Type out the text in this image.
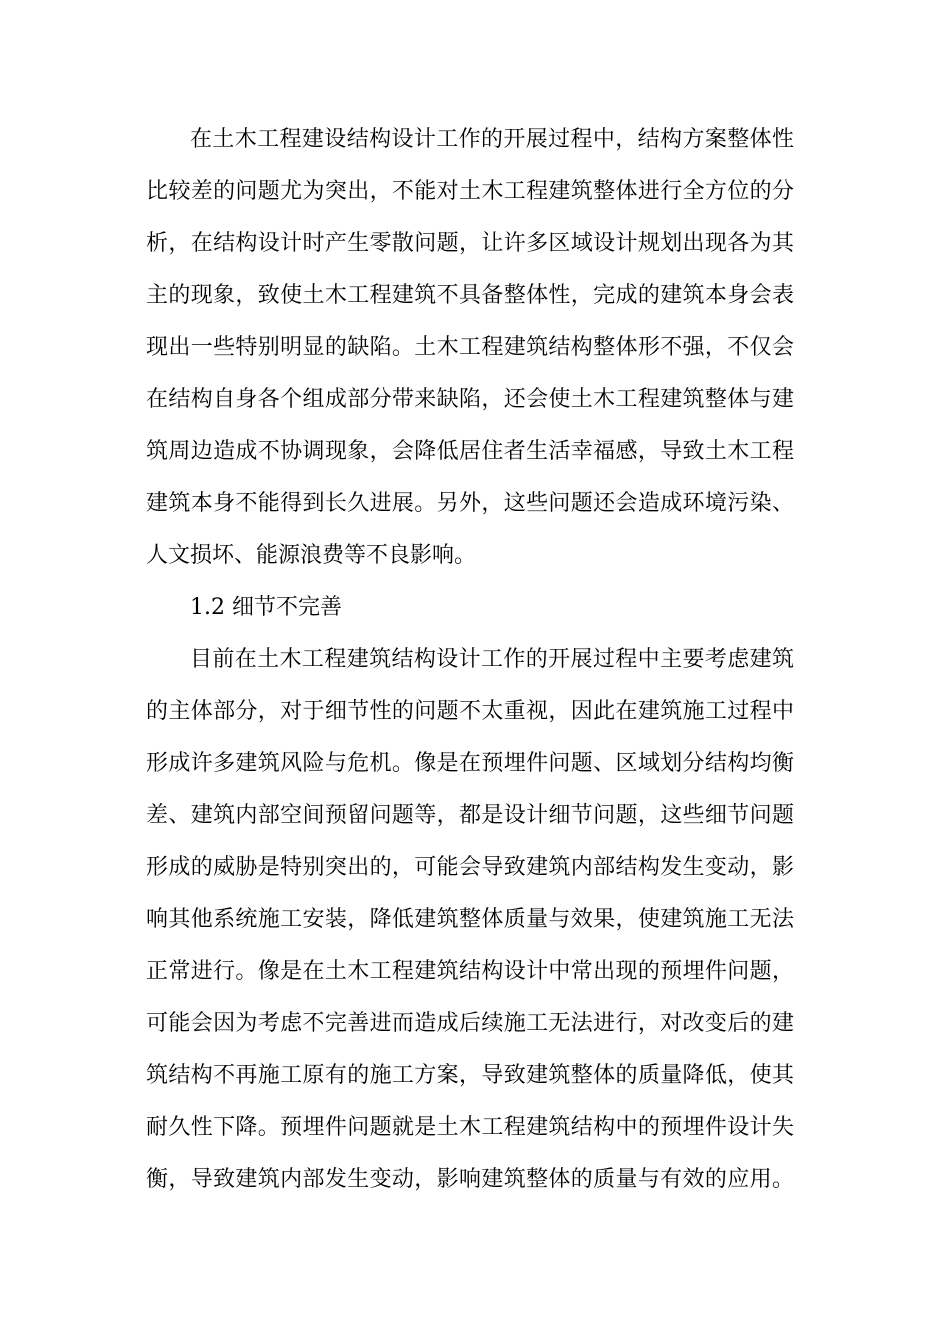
在土木工程建设结构设计工作的开展过程中，结构方案整体性
比较差的问题尤为突出，不能对土木工程建筑整体进行全方位的分
析，在结构设计时产生零散问题，让许多区域设计规划出现各为其
主的现象，致使土木工程建筑不具备整体性，完成的建筑本身会表
现出一些特别明显的缺陷。土木工程建筑结构整体形不强，不仅会
在结构自身各个组成部分带来缺陷，还会使土木工程建筑整体与建
筑周边造成不协调现象，会降低居住者生活幸福感，导致土木工程
建筑本身不能得到长久进展。另外，这些问题还会造成环境污染、
人文损坏、能源浪费等不良影响。
1.2 细节不完善
目前在土木工程建筑结构设计工作的开展过程中主要考虑建筑
的主体部分，对于细节性的问题不太重视，因此在建筑施工过程中
形成许多建筑风险与危机。像是在预埋件问题、区域划分结构均衡
差、建筑内部空间预留问题等，都是设计细节问题，这些细节问题
形成的威胁是特别突出的，可能会导致建筑内部结构发生变动，影
响其他系统施工安装，降低建筑整体质量与效果，使建筑施工无法
正常进行。像是在土木工程建筑结构设计中常出现的预埋件问题，
可能会因为考虑不完善进而造成后续施工无法进行，对改变后的建
筑结构不再施工原有的施工方案，导致建筑整体的质量降低，使其
耐久性下降。预埋件问题就是土木工程建筑结构中的预埋件设计失
衡，导致建筑内部发生变动，影响建筑整体的质量与有效的应用。
